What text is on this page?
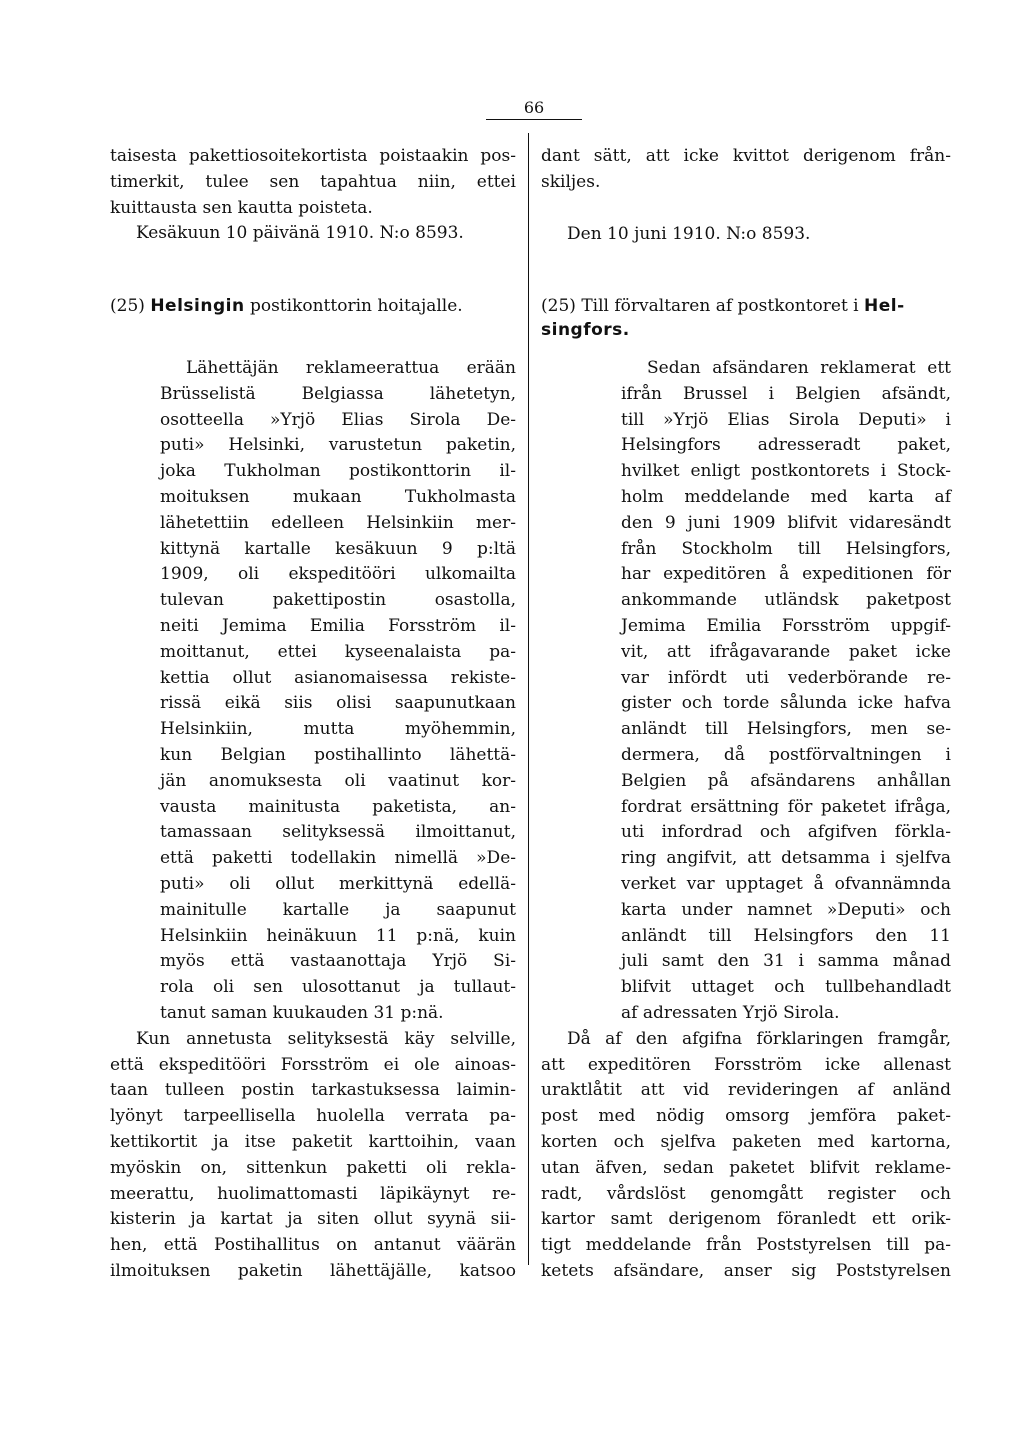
66
taisesta pakettiosoitekortista poistaakin pos-
timerkit, tulee sen tapahtua niin, ettei
kuittausta sen kautta poisteta.
Kesäkuun 10 päivänä 1910. N:o 8593.
(25) Helsingin postikonttorin hoitajalle.
Lähettäjän reklameerattua erään
Brüsselistä Belgiassa lähetetyn,
osotteella »Yrjö Elias Sirola De-
puti» Helsinki, varustetun paketin,
joka Tukholman postikonttorin il-
moituksen mukaan Tukholmasta
lähetettiin edelleen Helsinkiin mer-
kittynä kartalle kesäkuun 9 p:ltä
1909, oli ekspeditööri ulkomailta
tulevan pakettipostin osastolla,
neiti Jemima Emilia Forsström il-
moittanut, ettei kyseenalaista pa-
kettia ollut asianomaisessa rekiste-
rissä eikä siis olisi saapunutkaan
Helsinkiin, mutta myöhemmin,
kun Belgian postihallinto lähettä-
jän anomuksesta oli vaatinut kor-
vausta mainitusta paketista, an-
tamassaan selityksessä ilmoittanut,
että paketti todellakin nimellä »De-
puti» oli ollut merkittynä edellä-
mainitulle kartalle ja saapunut
Helsinkiin heinäkuun 11 p:nä, kuin
myös että vastaanottaja Yrjö Si-
rola oli sen ulosottanut ja tullaut-
tanut saman kuukauden 31 p:nä.
Kun annetusta selityksestä käy selville,
että ekspeditööri Forsström ei ole ainoas-
taan tulleen postin tarkastuksessa laimin-
lyönyt tarpeellisella huolella verrata pa-
kettikortit ja itse paketit karttoihin, vaan
myöskin on, sittenkun paketti oli rekla-
meerattu, huolimattomasti läpikäynyt re-
kisterin ja kartat ja siten ollut syynä sii-
hen, että Postihallitus on antanut väärän
ilmoituksen paketin lähettäjälle, katsoo
dant sätt, att icke kvittot derigenom från-
skiljes.
Den 10 juni 1910. N:o 8593.
(25) Till förvaltaren af postkontoret i Hel-
singfors.
Sedan afsändaren reklamerat ett
ifrån Brussel i Belgien afsändt,
till »Yrjö Elias Sirola Deputi» i
Helsingfors adresseradt paket,
hvilket enligt postkontorets i Stock-
holm meddelande med karta af
den 9 juni 1909 blifvit vidaresändt
från Stockholm till Helsingfors,
har expeditören å expeditionen för
ankommande utländsk paketpost
Jemima Emilia Forsström uppgif-
vit, att ifrågavarande paket icke
var infördt uti vederbörande re-
gister och torde sålunda icke hafva
anländt till Helsingfors, men se-
dermera, då postförvaltningen i
Belgien på afsändarens anhållan
fordrat ersättning för paketet ifråga,
uti infordrad och afgifven förkla-
ring angifvit, att detsamma i sjelfva
verket var upptaget å ofvannämnda
karta under namnet »Deputi» och
anländt till Helsingfors den 11
juli samt den 31 i samma månad
blifvit uttaget och tullbehandladt
af adressaten Yrjö Sirola.
Då af den afgifna förklaringen framgår,
att expeditören Forsström icke allenast
uraktlåtit att vid revideringen af anländ
post med nödig omsorg jemföra paket-
korten och sjelfva paketen med kartorna,
utan äfven, sedan paketet blifvit reklame-
radt, vårdslöst genomgått register och
kartor samt derigenom föranledt ett orik-
tigt meddelande från Poststyrelsen till pa-
ketets afsändare, anser sig Poststyrelsen
